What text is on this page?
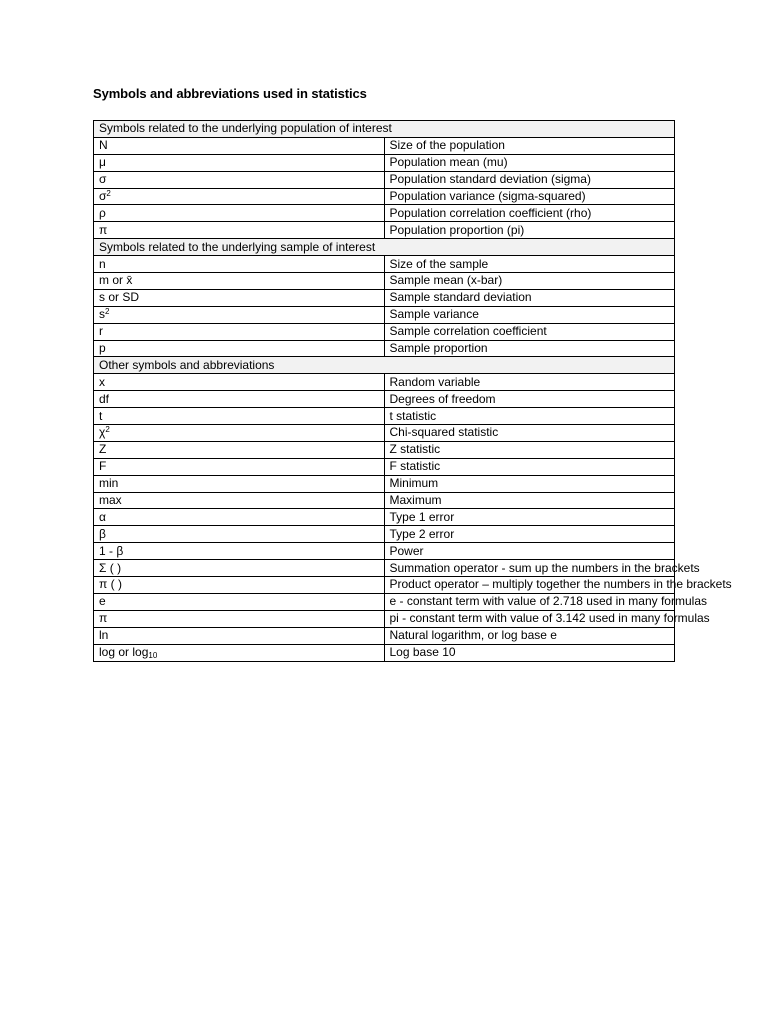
Symbols and abbreviations used in statistics
Symbols related to the underlying population of interest	
N	Size of the population
μ	Population mean (mu)
σ	Population standard deviation (sigma)
$\sigma^2$	Population variance (sigma-squared)
ρ	Population correlation coefficient (rho)
π	Population proportion (pi)
Symbols related to the underlying sample of interest	
n	Size of the sample
m or x̄	Sample mean (x-bar)
s or SD	Sample standard deviation
$s^2$	Sample variance
r	Sample correlation coefficient
p	Sample proportion
Other symbols and abbreviations	
x	Random variable
df	Degrees of freedom
t	t statistic
$\chi^2$	Chi-squared statistic
Z	Z statistic
F	F statistic
min	Minimum
max	Maximum
α	Type 1 error
β	Type 2 error
1 - β	Power
Σ ( )	Summation operator - sum up the numbers in the brackets
π ( )	Product operator – multiply together the numbers in the brackets
e	e - constant term with value of 2.718 used in many formulas
π	pi - constant term with value of 3.142 used in many formulas
ln	Natural logarithm, or log base e
log or $\log_{10}$	Log base 10
